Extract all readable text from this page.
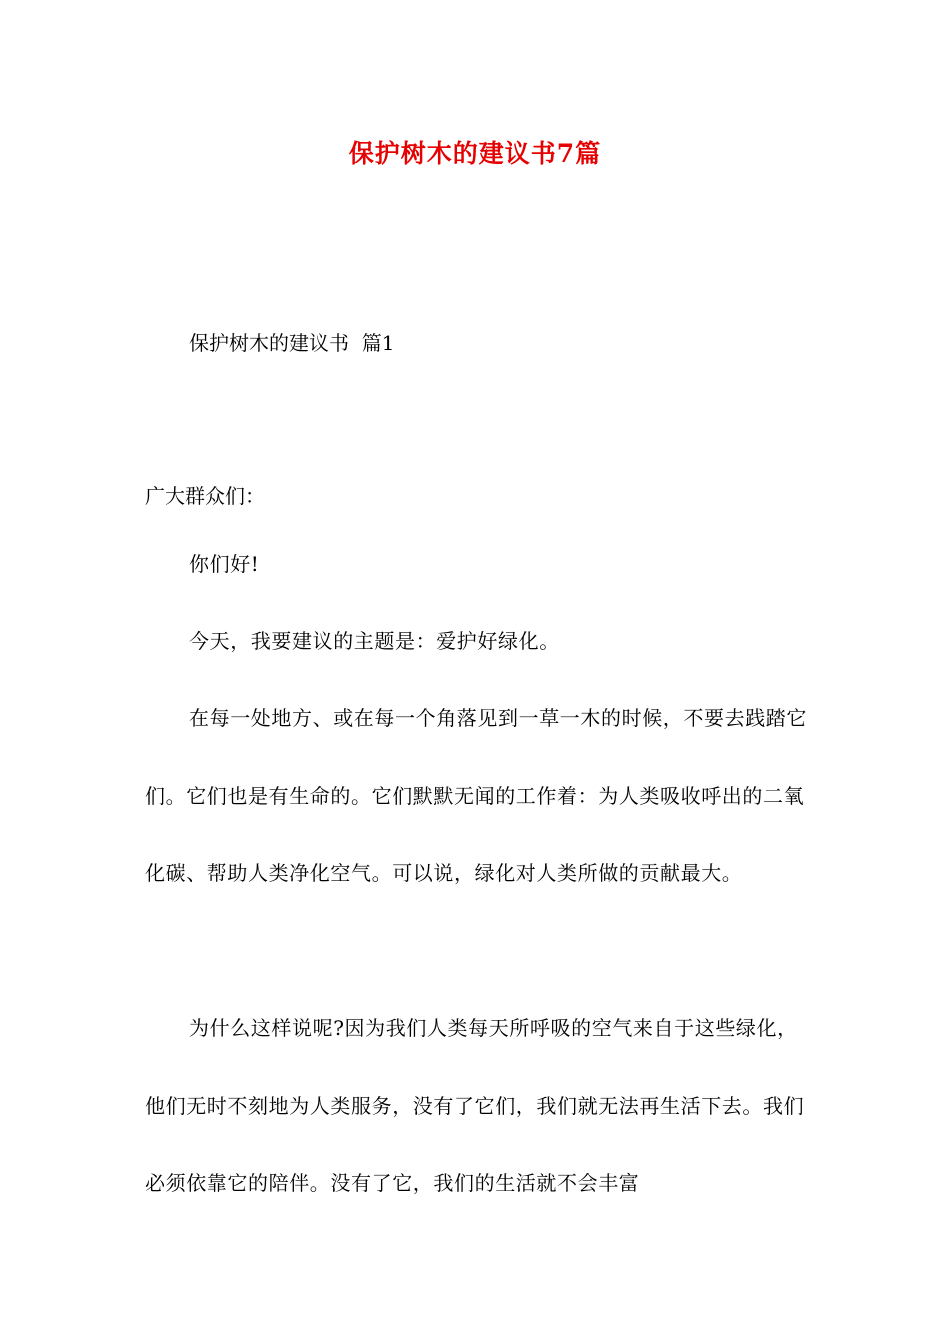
保护树木的建议书7篇
保护树木的建议书  篇1
广大群众们：

你们好!

今天，我要建议的主题是：爱护好绿化。

在每一处地方、或在每一个角落见到一草一木的时候，不要去践踏它们。它们也是有生命的。它们默默无闻的工作着：为人类吸收呼出的二氧化碳、帮助人类净化空气。可以说，绿化对人类所做的贡献最大。

为什么这样说呢?因为我们人类每天所呼吸的空气来自于这些绿化，他们无时不刻地为人类服务，没有了它们，我们就无法再生活下去。我们必须依靠它的陪伴。没有了它，我们的生活就不会丰富
